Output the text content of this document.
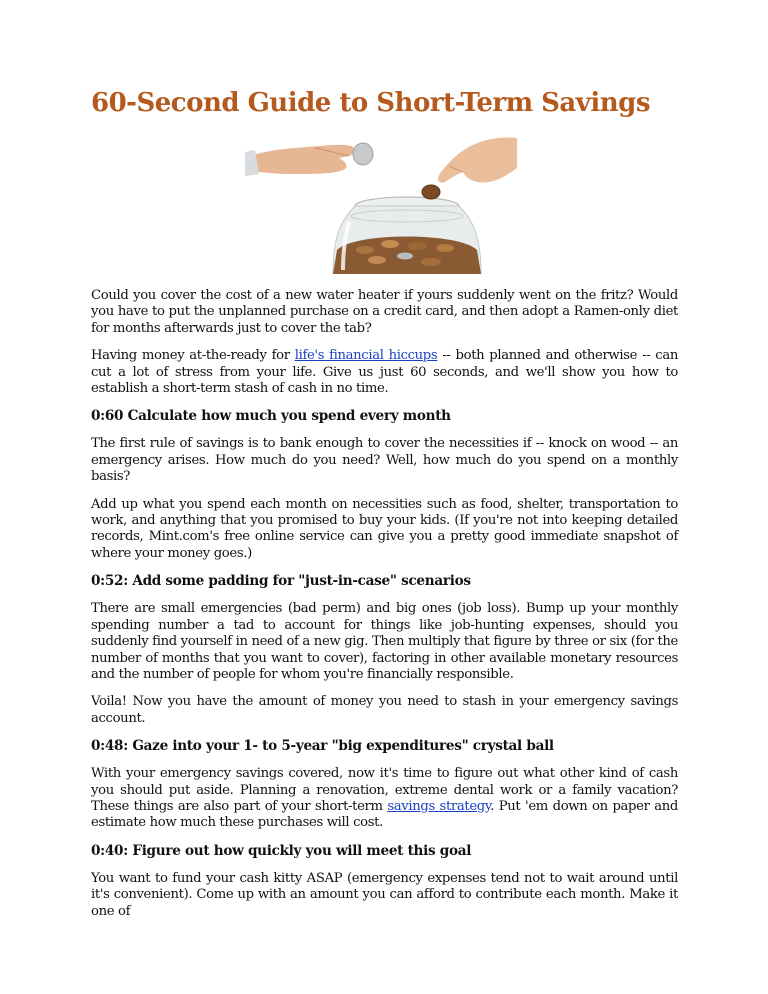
60-Second Guide to Short-Term Savings

Could you cover the cost of a new water heater if yours suddenly went on the fritz? Would you have to put the unplanned purchase on a credit card, and then adopt a Ramen-only diet for months afterwards just to cover the tab?

Having money at-the-ready for life's financial hiccups -- both planned and otherwise -- can cut a lot of stress from your life. Give us just 60 seconds, and we'll show you how to establish a short-term stash of cash in no time.

0:60 Calculate how much you spend every month

The first rule of savings is to bank enough to cover the necessities if -- knock on wood -- an emergency arises. How much do you need? Well, how much do you spend on a monthly basis?

Add up what you spend each month on necessities such as food, shelter, transportation to work, and anything that you promised to buy your kids. (If you're not into keeping detailed records, Mint.com's free online service can give you a pretty good immediate snapshot of where your money goes.)

0:52: Add some padding for "just-in-case" scenarios

There are small emergencies (bad perm) and big ones (job loss). Bump up your monthly spending number a tad to account for things like job-hunting expenses, should you suddenly find yourself in need of a new gig. Then multiply that figure by three or six (for the number of months that you want to cover), factoring in other available monetary resources and the number of people for whom you're financially responsible.

Voila! Now you have the amount of money you need to stash in your emergency savings account.

0:48: Gaze into your 1- to 5-year "big expenditures" crystal ball

With your emergency savings covered, now it's time to figure out what other kind of cash you should put aside. Planning a renovation, extreme dental work or a family vacation? These things are also part of your short-term savings strategy. Put 'em down on paper and estimate how much these purchases will cost.

0:40: Figure out how quickly you will meet this goal

You want to fund your cash kitty ASAP (emergency expenses tend not to wait around until it's convenient). Come up with an amount you can afford to contribute each month. Make it one of
